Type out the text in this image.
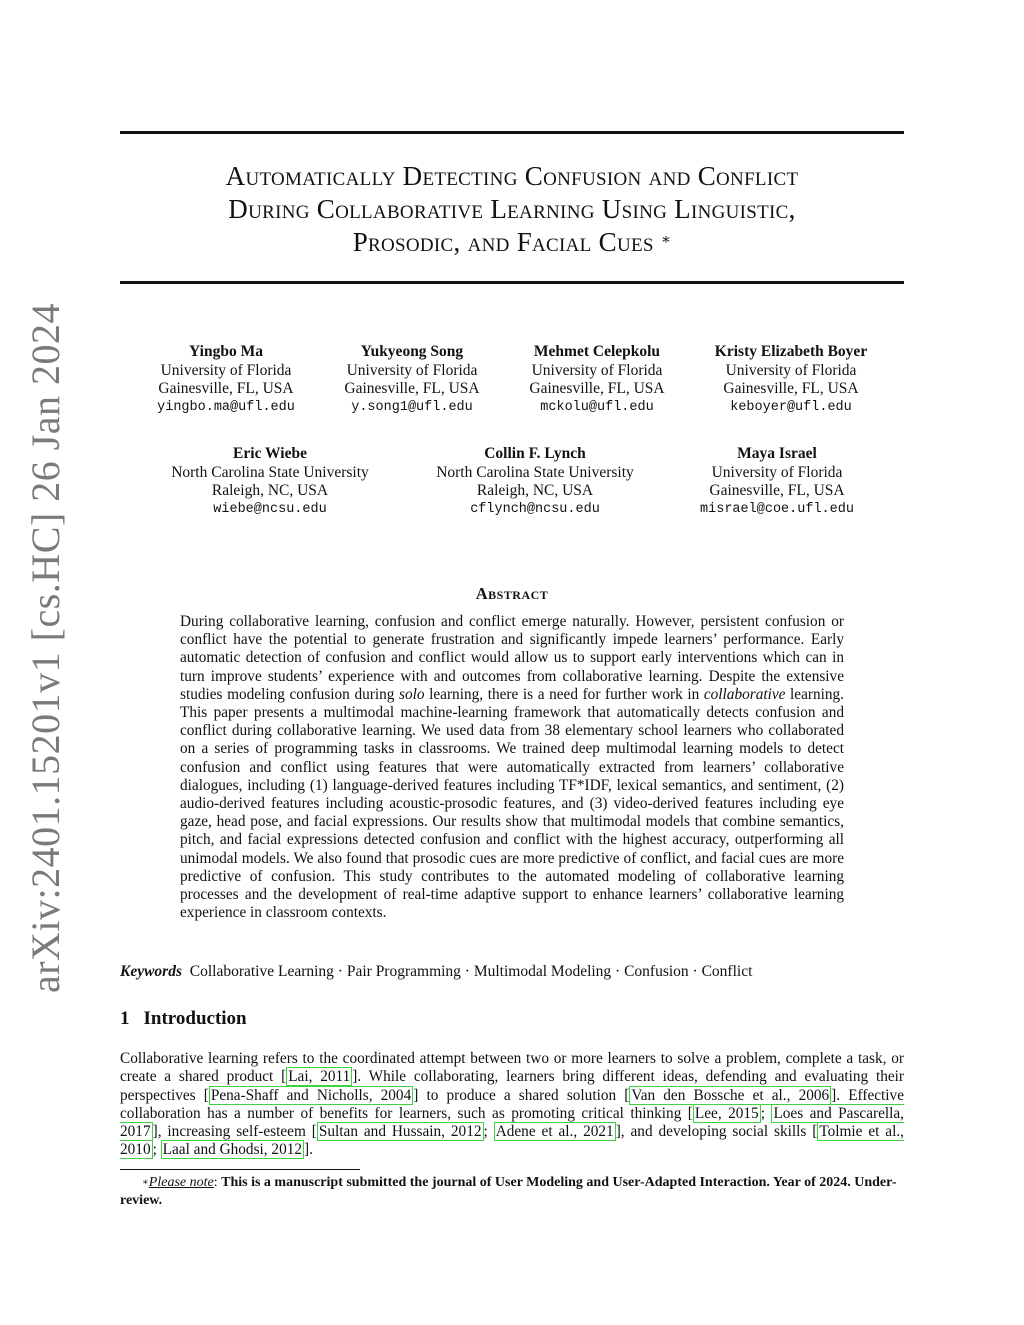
arXiv:2401.15201v1 [cs.HC] 26 Jan 2024
Automatically Detecting Confusion and Conflict
During Collaborative Learning Using Linguistic,
Prosodic, and Facial Cues ∗
Yingbo Ma
University of Florida
Gainesville, FL, USA
yingbo.ma@ufl.edu
Yukyeong Song
University of Florida
Gainesville, FL, USA
y.song1@ufl.edu
Mehmet Celepkolu
University of Florida
Gainesville, FL, USA
mckolu@ufl.edu
Kristy Elizabeth Boyer
University of Florida
Gainesville, FL, USA
keboyer@ufl.edu
Eric Wiebe
North Carolina State University
Raleigh, NC, USA
wiebe@ncsu.edu
Collin F. Lynch
North Carolina State University
Raleigh, NC, USA
cflynch@ncsu.edu
Maya Israel
University of Florida
Gainesville, FL, USA
misrael@coe.ufl.edu
Abstract
During collaborative learning, confusion and conflict emerge naturally. However, persistent confusion or conflict have the potential to generate frustration and significantly impede learners’ performance. Early automatic detection of confusion and conflict would allow us to support early interventions which can in turn improve students’ experience with and outcomes from collaborative learning. Despite the extensive studies modeling confusion during solo learning, there is a need for further work in collaborative learning. This paper presents a multimodal machine-learning framework that automatically detects confusion and conflict during collaborative learning. We used data from 38 elementary school learners who collaborated on a series of programming tasks in classrooms. We trained deep multimodal learning models to detect confusion and conflict using features that were automatically extracted from learners’ collaborative dialogues, including (1) language-derived features including TF*IDF, lexical semantics, and sentiment, (2) audio-derived features including acoustic-prosodic features, and (3) video-derived features including eye gaze, head pose, and facial expressions. Our results show that multimodal models that combine semantics, pitch, and facial expressions detected confusion and conflict with the highest accuracy, outperforming all unimodal models. We also found that prosodic cues are more predictive of conflict, and facial cues are more predictive of confusion. This study contributes to the automated modeling of collaborative learning processes and the development of real-time adaptive support to enhance learners’ collaborative learning experience in classroom contexts.
Keywords Collaborative Learning · Pair Programming · Multimodal Modeling · Confusion · Conflict
1 Introduction
Collaborative learning refers to the coordinated attempt between two or more learners to solve a problem, complete a task, or create a shared product [ Lai, 2011 ]. While collaborating, learners bring different ideas, defending and evaluating their perspectives [ Pena-Shaff and Nicholls, 2004 ] to produce a shared solution [ Van den Bossche et al., 2006 ]. Effective collaboration has a number of benefits for learners, such as promoting critical thinking [ Lee, 2015 ; Loes and Pascarella, 2017 ], increasing self-esteem [ Sultan and Hussain, 2012 ; Adene et al., 2021 ], and developing social skills [ Tolmie et al., 2010 ; Laal and Ghodsi, 2012 ].
∗Please note: This is a manuscript submitted the journal of User Modeling and User-Adapted Interaction. Year of 2024. Under-review.
